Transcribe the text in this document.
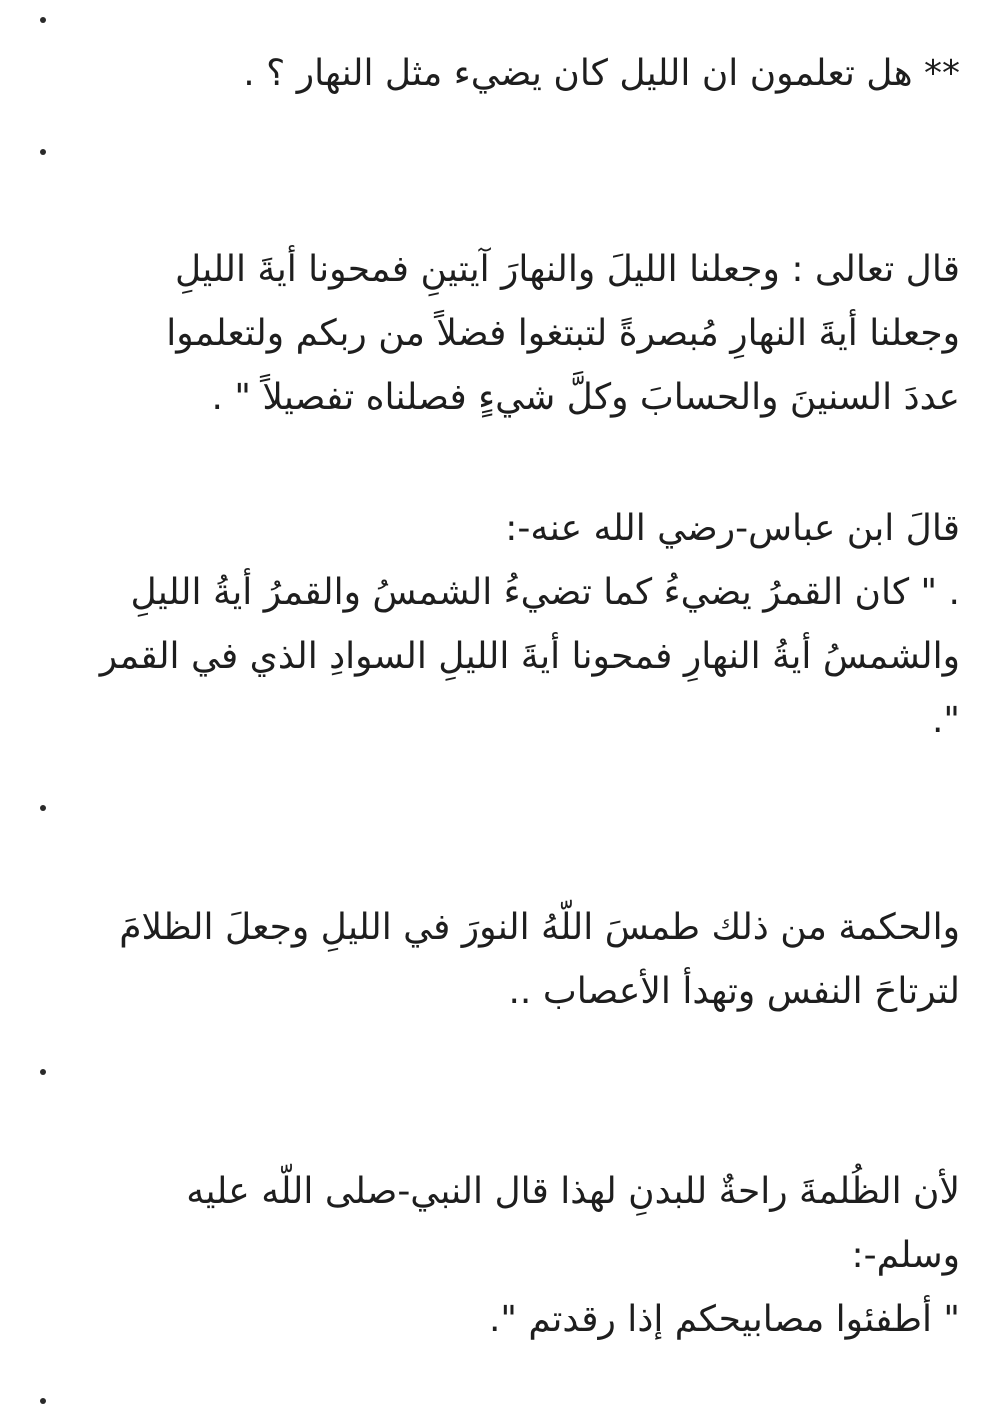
** هل تعلمون ان الليل كان يضيء مثل النهار ؟ .
قال تعالى : وجعلنا الليلَ والنهارَ آيتينِ فمحونا أيةَ الليلِ
وجعلنا أيةَ النهارِ مُبصرةً لتبتغوا فضلاً من ربكم ولتعلموا
عددَ السنينَ والحسابَ وكلَّ شيءٍ فصلناه تفصيلاً " .
قالَ ابن عباس-رضي الله عنه-:
. " كان القمرُ يضيءُ كما تضيءُ الشمسُ والقمرُ أيةُ الليلِ
والشمسُ أيةُ النهارِ فمحونا أيةَ الليلِ السوادِ الذي في القمر
".
والحكمة من ذلك طمسَ اللّهُ النورَ في الليلِ وجعلَ الظلامَ
لترتاحَ النفس وتهدأ الأعصاب ..
لأن الظُلمةَ راحةٌ للبدنِ لهذا قال النبي-صلى اللّه عليه
وسلم-:
" أطفئوا مصابيحكم إذا رقدتم ".
